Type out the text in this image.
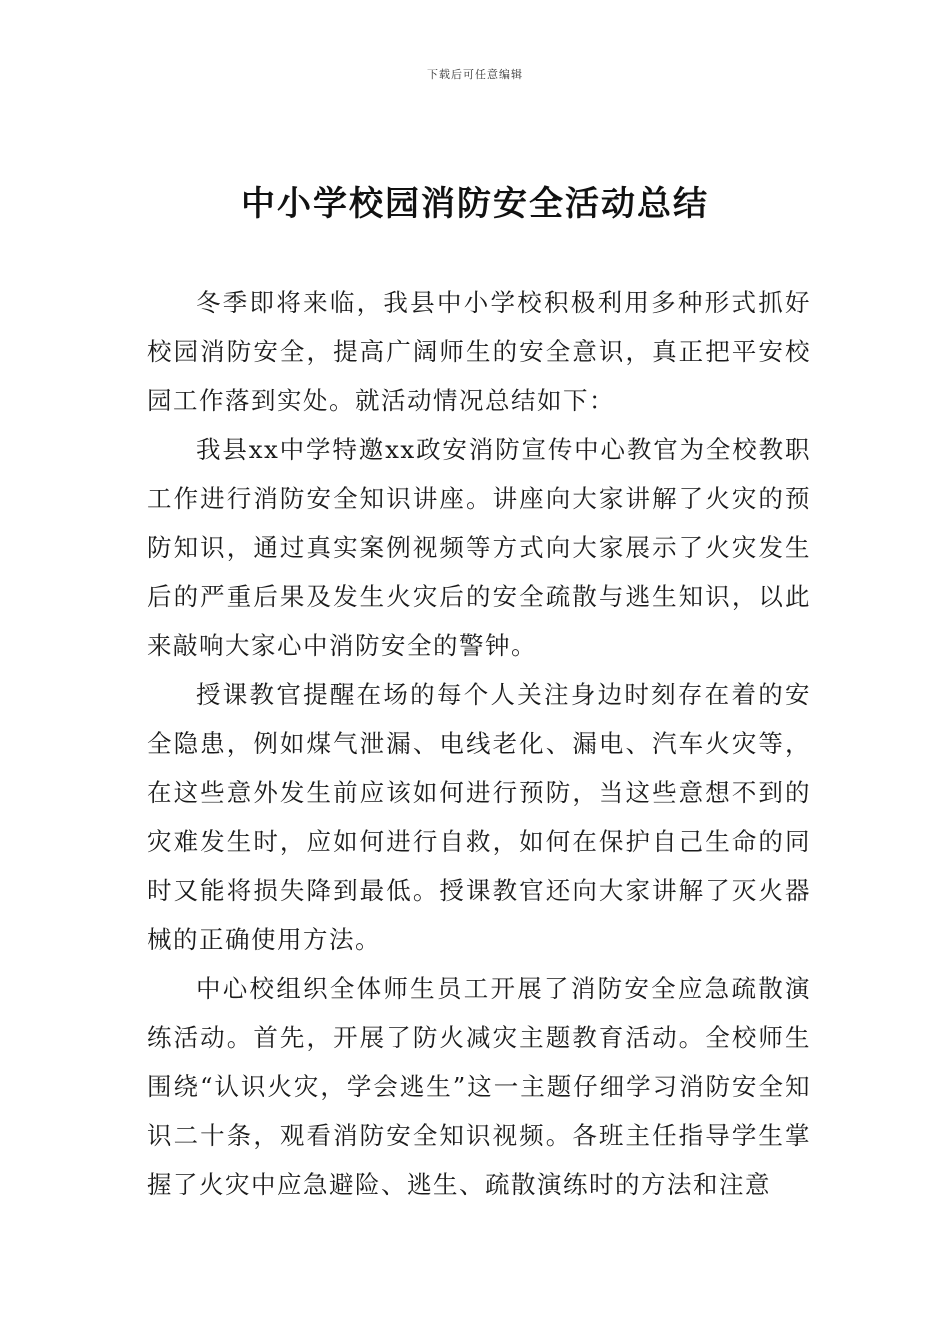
下载后可任意编辑
中小学校园消防安全活动总结

冬季即将来临，我县中小学校积极利用多种形式抓好校园消防安全，提高广阔师生的安全意识，真正把平安校园工作落到实处。就活动情况总结如下：

我县xx中学特邀xx政安消防宣传中心教官为全校教职工作进行消防安全知识讲座。讲座向大家讲解了火灾的预防知识，通过真实案例视频等方式向大家展示了火灾发生后的严重后果及发生火灾后的安全疏散与逃生知识，以此来敲响大家心中消防安全的警钟。

授课教官提醒在场的每个人关注身边时刻存在着的安全隐患，例如煤气泄漏、电线老化、漏电、汽车火灾等，在这些意外发生前应该如何进行预防，当这些意想不到的灾难发生时，应如何进行自救，如何在保护自己生命的同时又能将损失降到最低。授课教官还向大家讲解了灭火器械的正确使用方法。

中心校组织全体师生员工开展了消防安全应急疏散演练活动。首先，开展了防火减灾主题教育活动。全校师生围绕“认识火灾，学会逃生”这一主题仔细学习消防安全知识二十条，观看消防安全知识视频。各班主任指导学生掌握了火灾中应急避险、逃生、疏散演练时的方法和注意
